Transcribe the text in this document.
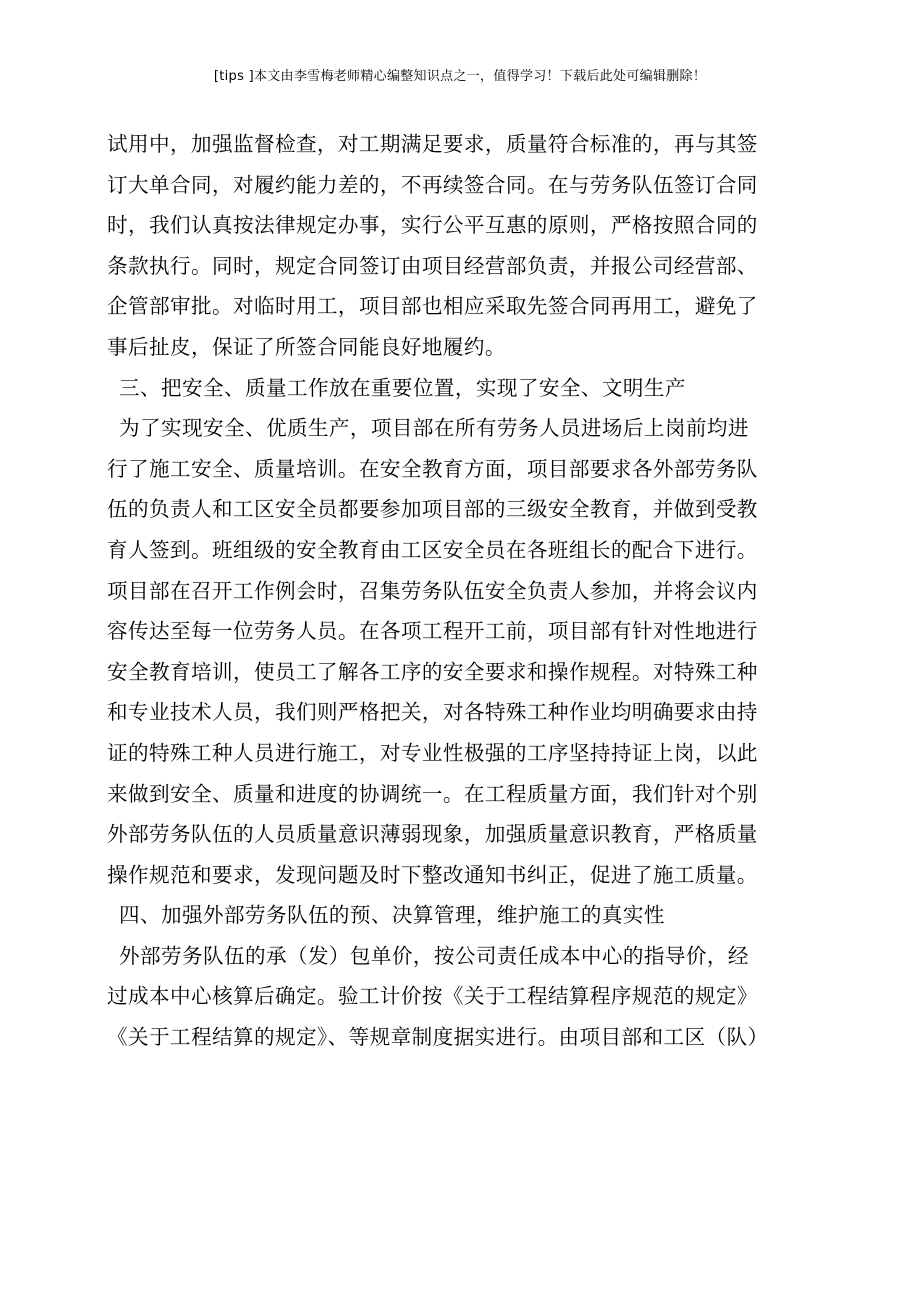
[tips ]本文由李雪梅老师精心编整知识点之一，值得学习！下载后此处可编辑删除！
试用中，加强监督检查，对工期满足要求，质量符合标准的，再与其签
订大单合同，对履约能力差的，不再续签合同。在与劳务队伍签订合同
时，我们认真按法律规定办事，实行公平互惠的原则，严格按照合同的
条款执行。同时，规定合同签订由项目经营部负责，并报公司经营部、
企管部审批。对临时用工，项目部也相应采取先签合同再用工，避免了
事后扯皮，保证了所签合同能良好地履约。
三、把安全、质量工作放在重要位置，实现了安全、文明生产
为了实现安全、优质生产，项目部在所有劳务人员进场后上岗前均进
行了施工安全、质量培训。在安全教育方面，项目部要求各外部劳务队
伍的负责人和工区安全员都要参加项目部的三级安全教育，并做到受教
育人签到。班组级的安全教育由工区安全员在各班组长的配合下进行。
项目部在召开工作例会时，召集劳务队伍安全负责人参加，并将会议内
容传达至每一位劳务人员。在各项工程开工前，项目部有针对性地进行
安全教育培训，使员工了解各工序的安全要求和操作规程。对特殊工种
和专业技术人员，我们则严格把关，对各特殊工种作业均明确要求由持
证的特殊工种人员进行施工，对专业性极强的工序坚持持证上岗，以此
来做到安全、质量和进度的协调统一。在工程质量方面，我们针对个别
外部劳务队伍的人员质量意识薄弱现象，加强质量意识教育，严格质量
操作规范和要求，发现问题及时下整改通知书纠正，促进了施工质量。
四、加强外部劳务队伍的预、决算管理，维护施工的真实性
外部劳务队伍的承（发）包单价，按公司责任成本中心的指导价，经
过成本中心核算后确定。验工计价按《关于工程结算程序规范的规定》
《关于工程结算的规定》、等规章制度据实进行。由项目部和工区（队）
